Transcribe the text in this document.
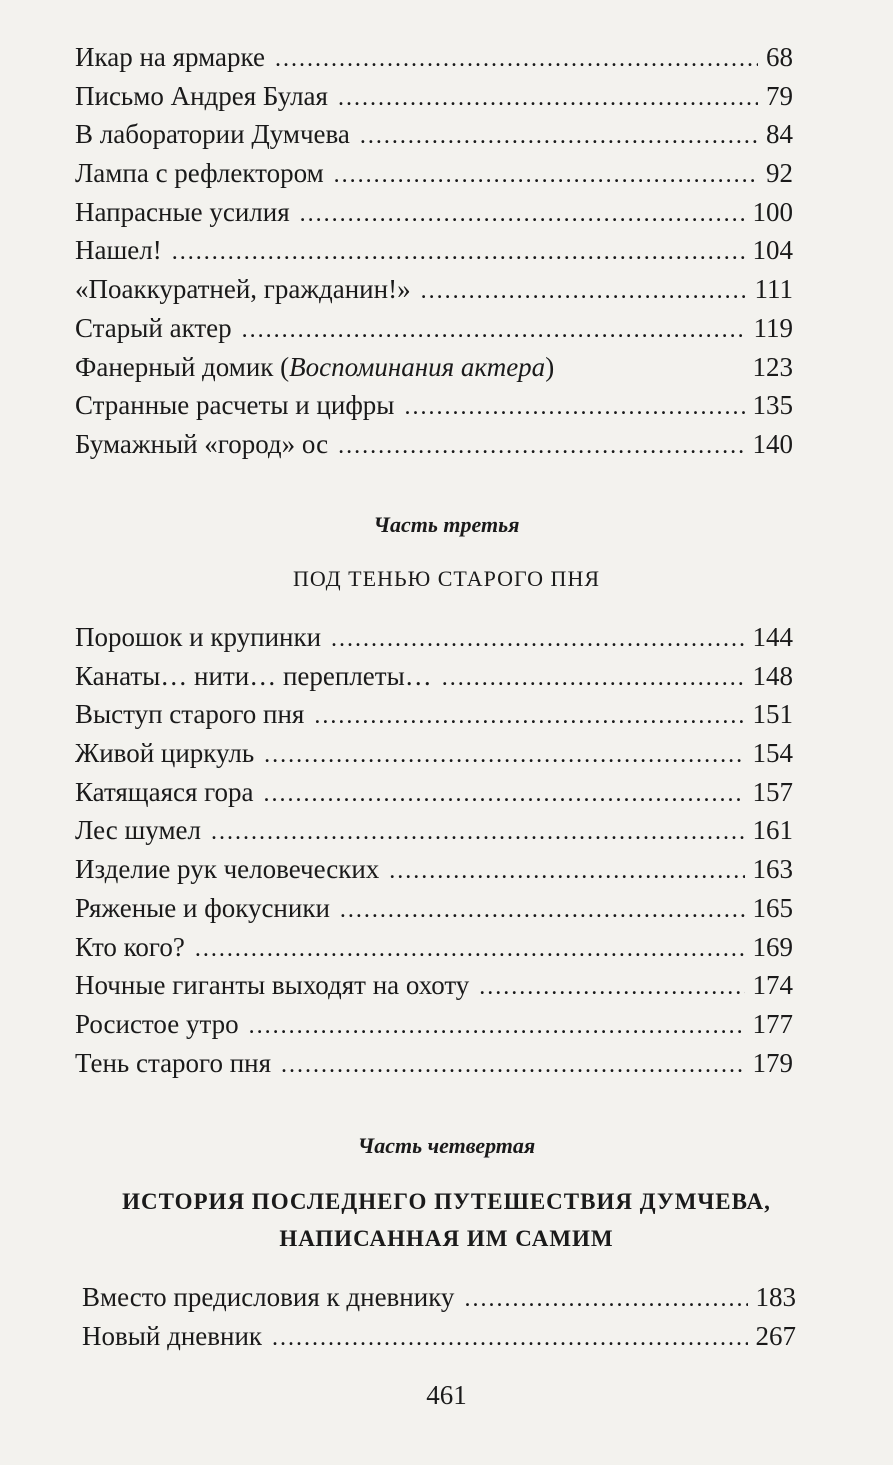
Икар на ярмарке .....	68
Письмо Андрея Булая .....	79
В лаборатории Думчева .....	84
Лампа с рефлектором .....	92
Напрасные усилия .....	100
Нашел! .....	104
«Поаккуратней, гражданин!» .....	111
Старый актер .....	119
Фанерный домик (Воспоминания актера)	123
Странные расчеты и цифры .....	135
Бумажный «город» ос .....	140

Часть третья

ПОД ТЕНЬЮ СТАРОГО ПНЯ

Порошок и крупинки .....	144
Канаты… нити… переплеты… .....	148
Выступ старого пня .....	151
Живой циркуль .....	154
Катящаяся гора .....	157
Лес шумел .....	161
Изделие рук человеческих .....	163
Ряженые и фокусники .....	165
Кто кого? .....	169
Ночные гиганты выходят на охоту .....	174
Росистое утро .....	177
Тень старого пня .....	179

Часть четвертая

ИСТОРИЯ ПОСЛЕДНЕГО ПУТЕШЕСТВИЯ ДУМЧЕВА,

НАПИСАННАЯ ИМ САМИМ

Вместо предисловия к дневнику .....	183
Новый дневник .....	267

461
